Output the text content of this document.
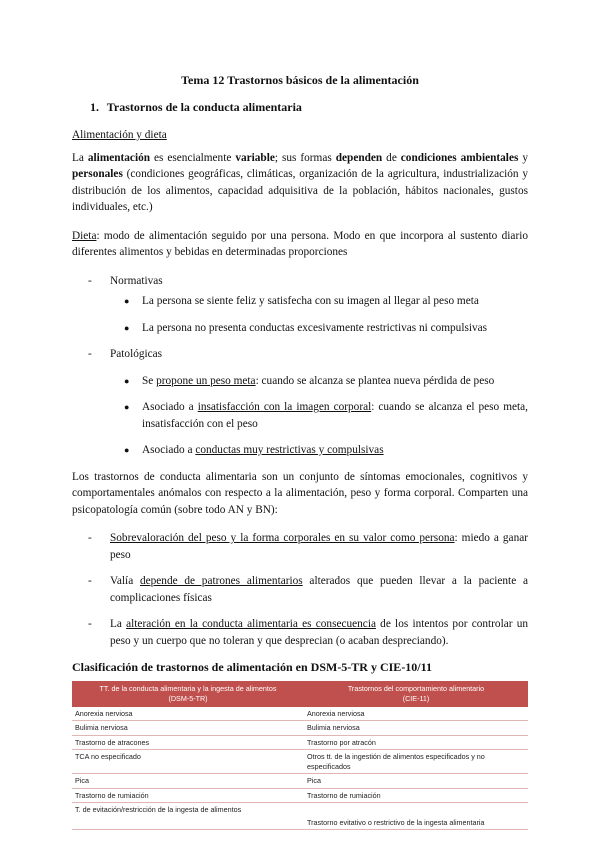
Tema 12 Trastornos básicos de la alimentación
1. Trastornos de la conducta alimentaria
Alimentación y dieta

La alimentación es esencialmente variable; sus formas dependen de condiciones ambientales y personales (condiciones geográficas, climáticas, organización de la agricultura, industrialización y distribución de los alimentos, capacidad adquisitiva de la población, hábitos nacionales, gustos individuales, etc.)

Dieta: modo de alimentación seguido por una persona. Modo en que incorpora al sustento diario diferentes alimentos y bebidas en determinadas proporciones

-	Normativas
●	La persona se siente feliz y satisfecha con su imagen al llegar al peso meta
●	La persona no presenta conductas excesivamente restrictivas ni compulsivas
-	Patológicas
●	Se propone un peso meta: cuando se alcanza se plantea nueva pérdida de peso
●	Asociado a insatisfacción con la imagen corporal: cuando se alcanza el peso meta, insatisfacción con el peso
●	Asociado a conductas muy restrictivas y compulsivas

Los trastornos de conducta alimentaria son un conjunto de síntomas emocionales, cognitivos y comportamentales anómalos con respecto a la alimentación, peso y forma corporal. Comparten una psicopatología común (sobre todo AN y BN):

-	Sobrevaloración del peso y la forma corporales en su valor como persona: miedo a ganar peso
-	Valía depende de patrones alimentarios alterados que pueden llevar a la paciente a complicaciones físicas
-	La alteración en la conducta alimentaria es consecuencia de los intentos por controlar un peso y un cuerpo que no toleran y que desprecian (o acaban despreciando).
Clasificación de trastornos de alimentación en DSM-5-TR y CIE-10/11
TT. de la conducta alimentaria y la ingesta de alimentos
(DSM-5-TR)	Trastornos del comportamiento alimentario
(CIE-11)
Anorexia nerviosa	Anorexia nerviosa
Bulimia nerviosa	Bulimia nerviosa
Trastorno de atracones	Trastorno por atracón
TCA no especificado	Otros tt. de la ingestión de alimentos especificados y no especificados
Pica	Pica
Trastorno de rumiación	Trastorno de rumiación
T. de evitación/restricción de la ingesta de alimentos	Trastorno evitativo o restrictivo de la ingesta alimentaria
